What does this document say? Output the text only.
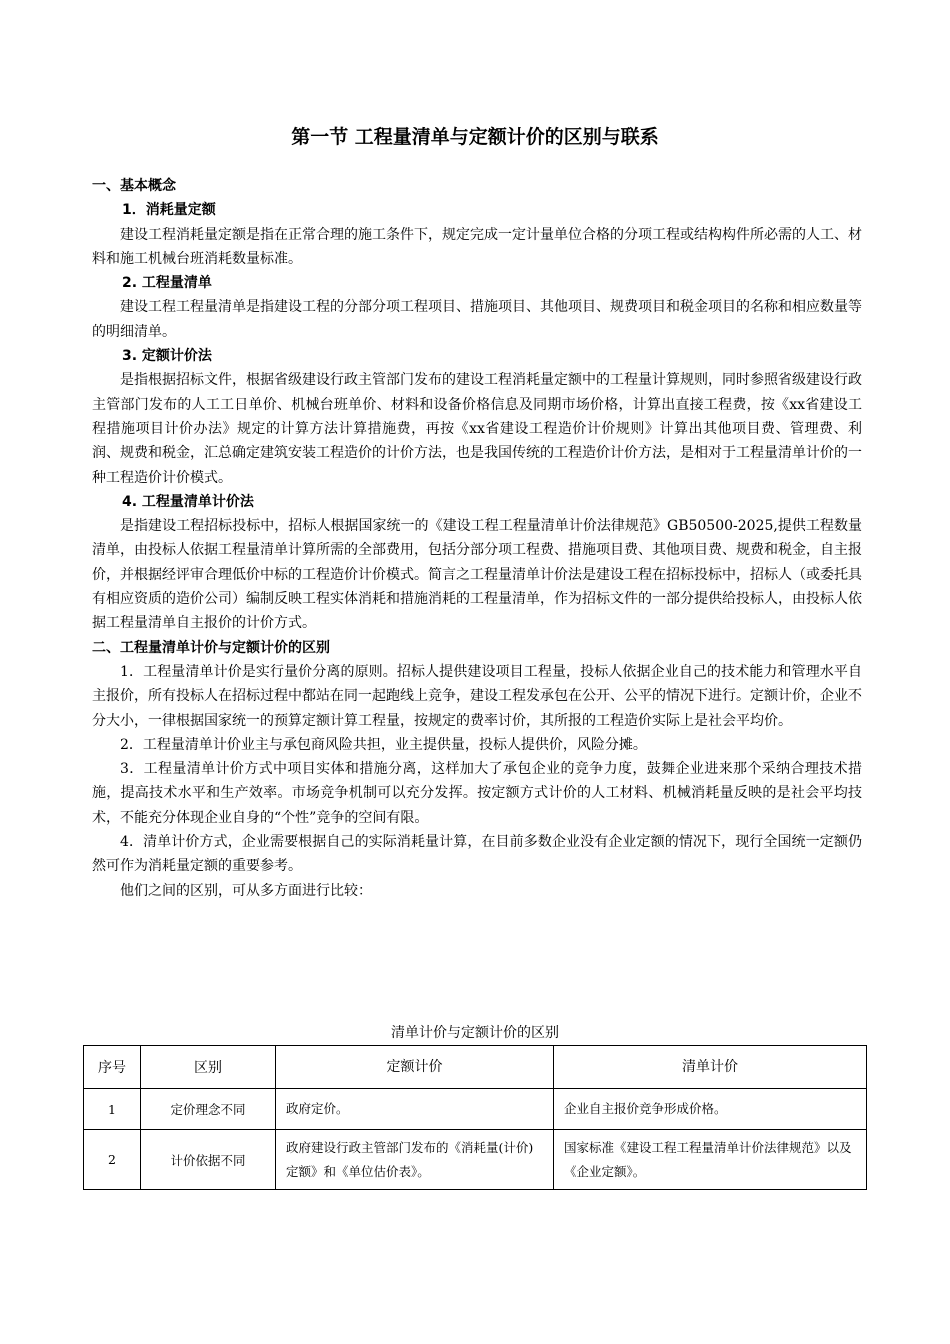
第一节 工程量清单与定额计价的区别与联系

一、基本概念

1．消耗量定额

建设工程消耗量定额是指在正常合理的施工条件下，规定完成一定计量单位合格的分项工程或结构构件所必需的人工、材料和施工机械台班消耗数量标准。

2. 工程量清单

建设工程工程量清单是指建设工程的分部分项工程项目、措施项目、其他项目、规费项目和税金项目的名称和相应数量等的明细清单。

3. 定额计价法

是指根据招标文件，根据省级建设行政主管部门发布的建设工程消耗量定额中的工程量计算规则，同时参照省级建设行政主管部门发布的人工工日单价、机械台班单价、材料和设备价格信息及同期市场价格，计算出直接工程费，按《xx省建设工程措施项目计价办法》规定的计算方法计算措施费，再按《xx省建设工程造价计价规则》计算出其他项目费、管理费、利润、规费和税金，汇总确定建筑安装工程造价的计价方法，也是我国传统的工程造价计价方法，是相对于工程量清单计价的一种工程造价计价模式。

4. 工程量清单计价法

是指建设工程招标投标中，招标人根据国家统一的《建设工程工程量清单计价法律规范》GB50500-2025,提供工程数量清单，由投标人依据工程量清单计算所需的全部费用，包括分部分项工程费、措施项目费、其他项目费、规费和税金，自主报价，并根据经评审合理低价中标的工程造价计价模式。简言之工程量清单计价法是建设工程在招标投标中，招标人（或委托具有相应资质的造价公司）编制反映工程实体消耗和措施消耗的工程量清单，作为招标文件的一部分提供给投标人，由投标人依据工程量清单自主报价的计价方式。

二、工程量清单计价与定额计价的区别

1．工程量清单计价是实行量价分离的原则。招标人提供建设项目工程量，投标人依据企业自己的技术能力和管理水平自主报价，所有投标人在招标过程中都站在同一起跑线上竞争，建设工程发承包在公开、公平的情况下进行。定额计价，企业不分大小，一律根据国家统一的预算定额计算工程量，按规定的费率讨价，其所报的工程造价实际上是社会平均价。

2．工程量清单计价业主与承包商风险共担，业主提供量，投标人提供价，风险分摊。

3．工程量清单计价方式中项目实体和措施分离，这样加大了承包企业的竞争力度，鼓舞企业进来那个采纳合理技术措施，提高技术水平和生产效率。市场竞争机制可以充分发挥。按定额方式计价的人工材料、机械消耗量反映的是社会平均技术，不能充分体现企业自身的“个性”竞争的空间有限。

4．清单计价方式，企业需要根据自己的实际消耗量计算，在目前多数企业没有企业定额的情况下，现行全国统一定额仍然可作为消耗量定额的重要参考。

他们之间的区别，可从多方面进行比较：

清单计价与定额计价的区别
序号	区别	定额计价	清单计价
1	定价理念不同	政府定价。	企业自主报价竞争形成价格。
2	计价依据不同	政府建设行政主管部门发布的《消耗量(计价)定额》和《单位估价表》。	国家标准《建设工程工程量清单计价法律规范》以及《企业定额》。
